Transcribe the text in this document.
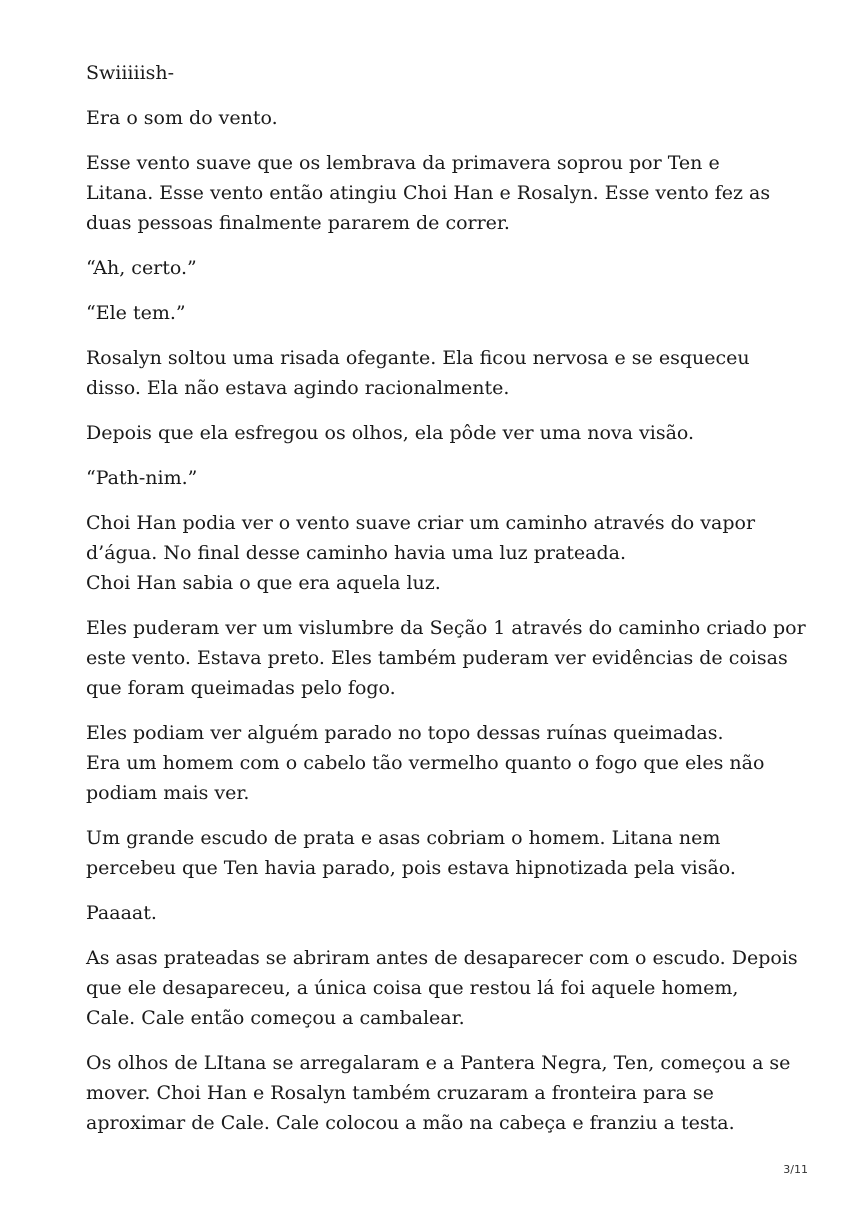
Swiiiiish-

Era o som do vento.

Esse vento suave que os lembrava da primavera soprou por Ten e
Litana. Esse vento então atingiu Choi Han e Rosalyn. Esse vento fez as
duas pessoas finalmente pararem de correr.

“Ah, certo.”

“Ele tem.”

Rosalyn soltou uma risada ofegante. Ela ficou nervosa e se esqueceu
disso. Ela não estava agindo racionalmente.

Depois que ela esfregou os olhos, ela pôde ver uma nova visão.

“Path-nim.”

Choi Han podia ver o vento suave criar um caminho através do vapor
d’água. No final desse caminho havia uma luz prateada.
Choi Han sabia o que era aquela luz.

Eles puderam ver um vislumbre da Seção 1 através do caminho criado por
este vento. Estava preto. Eles também puderam ver evidências de coisas
que foram queimadas pelo fogo.

Eles podiam ver alguém parado no topo dessas ruínas queimadas.
Era um homem com o cabelo tão vermelho quanto o fogo que eles não
podiam mais ver.

Um grande escudo de prata e asas cobriam o homem. Litana nem
percebeu que Ten havia parado, pois estava hipnotizada pela visão.

Paaaat.

As asas prateadas se abriram antes de desaparecer com o escudo. Depois
que ele desapareceu, a única coisa que restou lá foi aquele homem,
Cale. Cale então começou a cambalear.

Os olhos de LItana se arregalaram e a Pantera Negra, Ten, começou a se
mover. Choi Han e Rosalyn também cruzaram a fronteira para se
aproximar de Cale. Cale colocou a mão na cabeça e franziu a testa.

3/11
